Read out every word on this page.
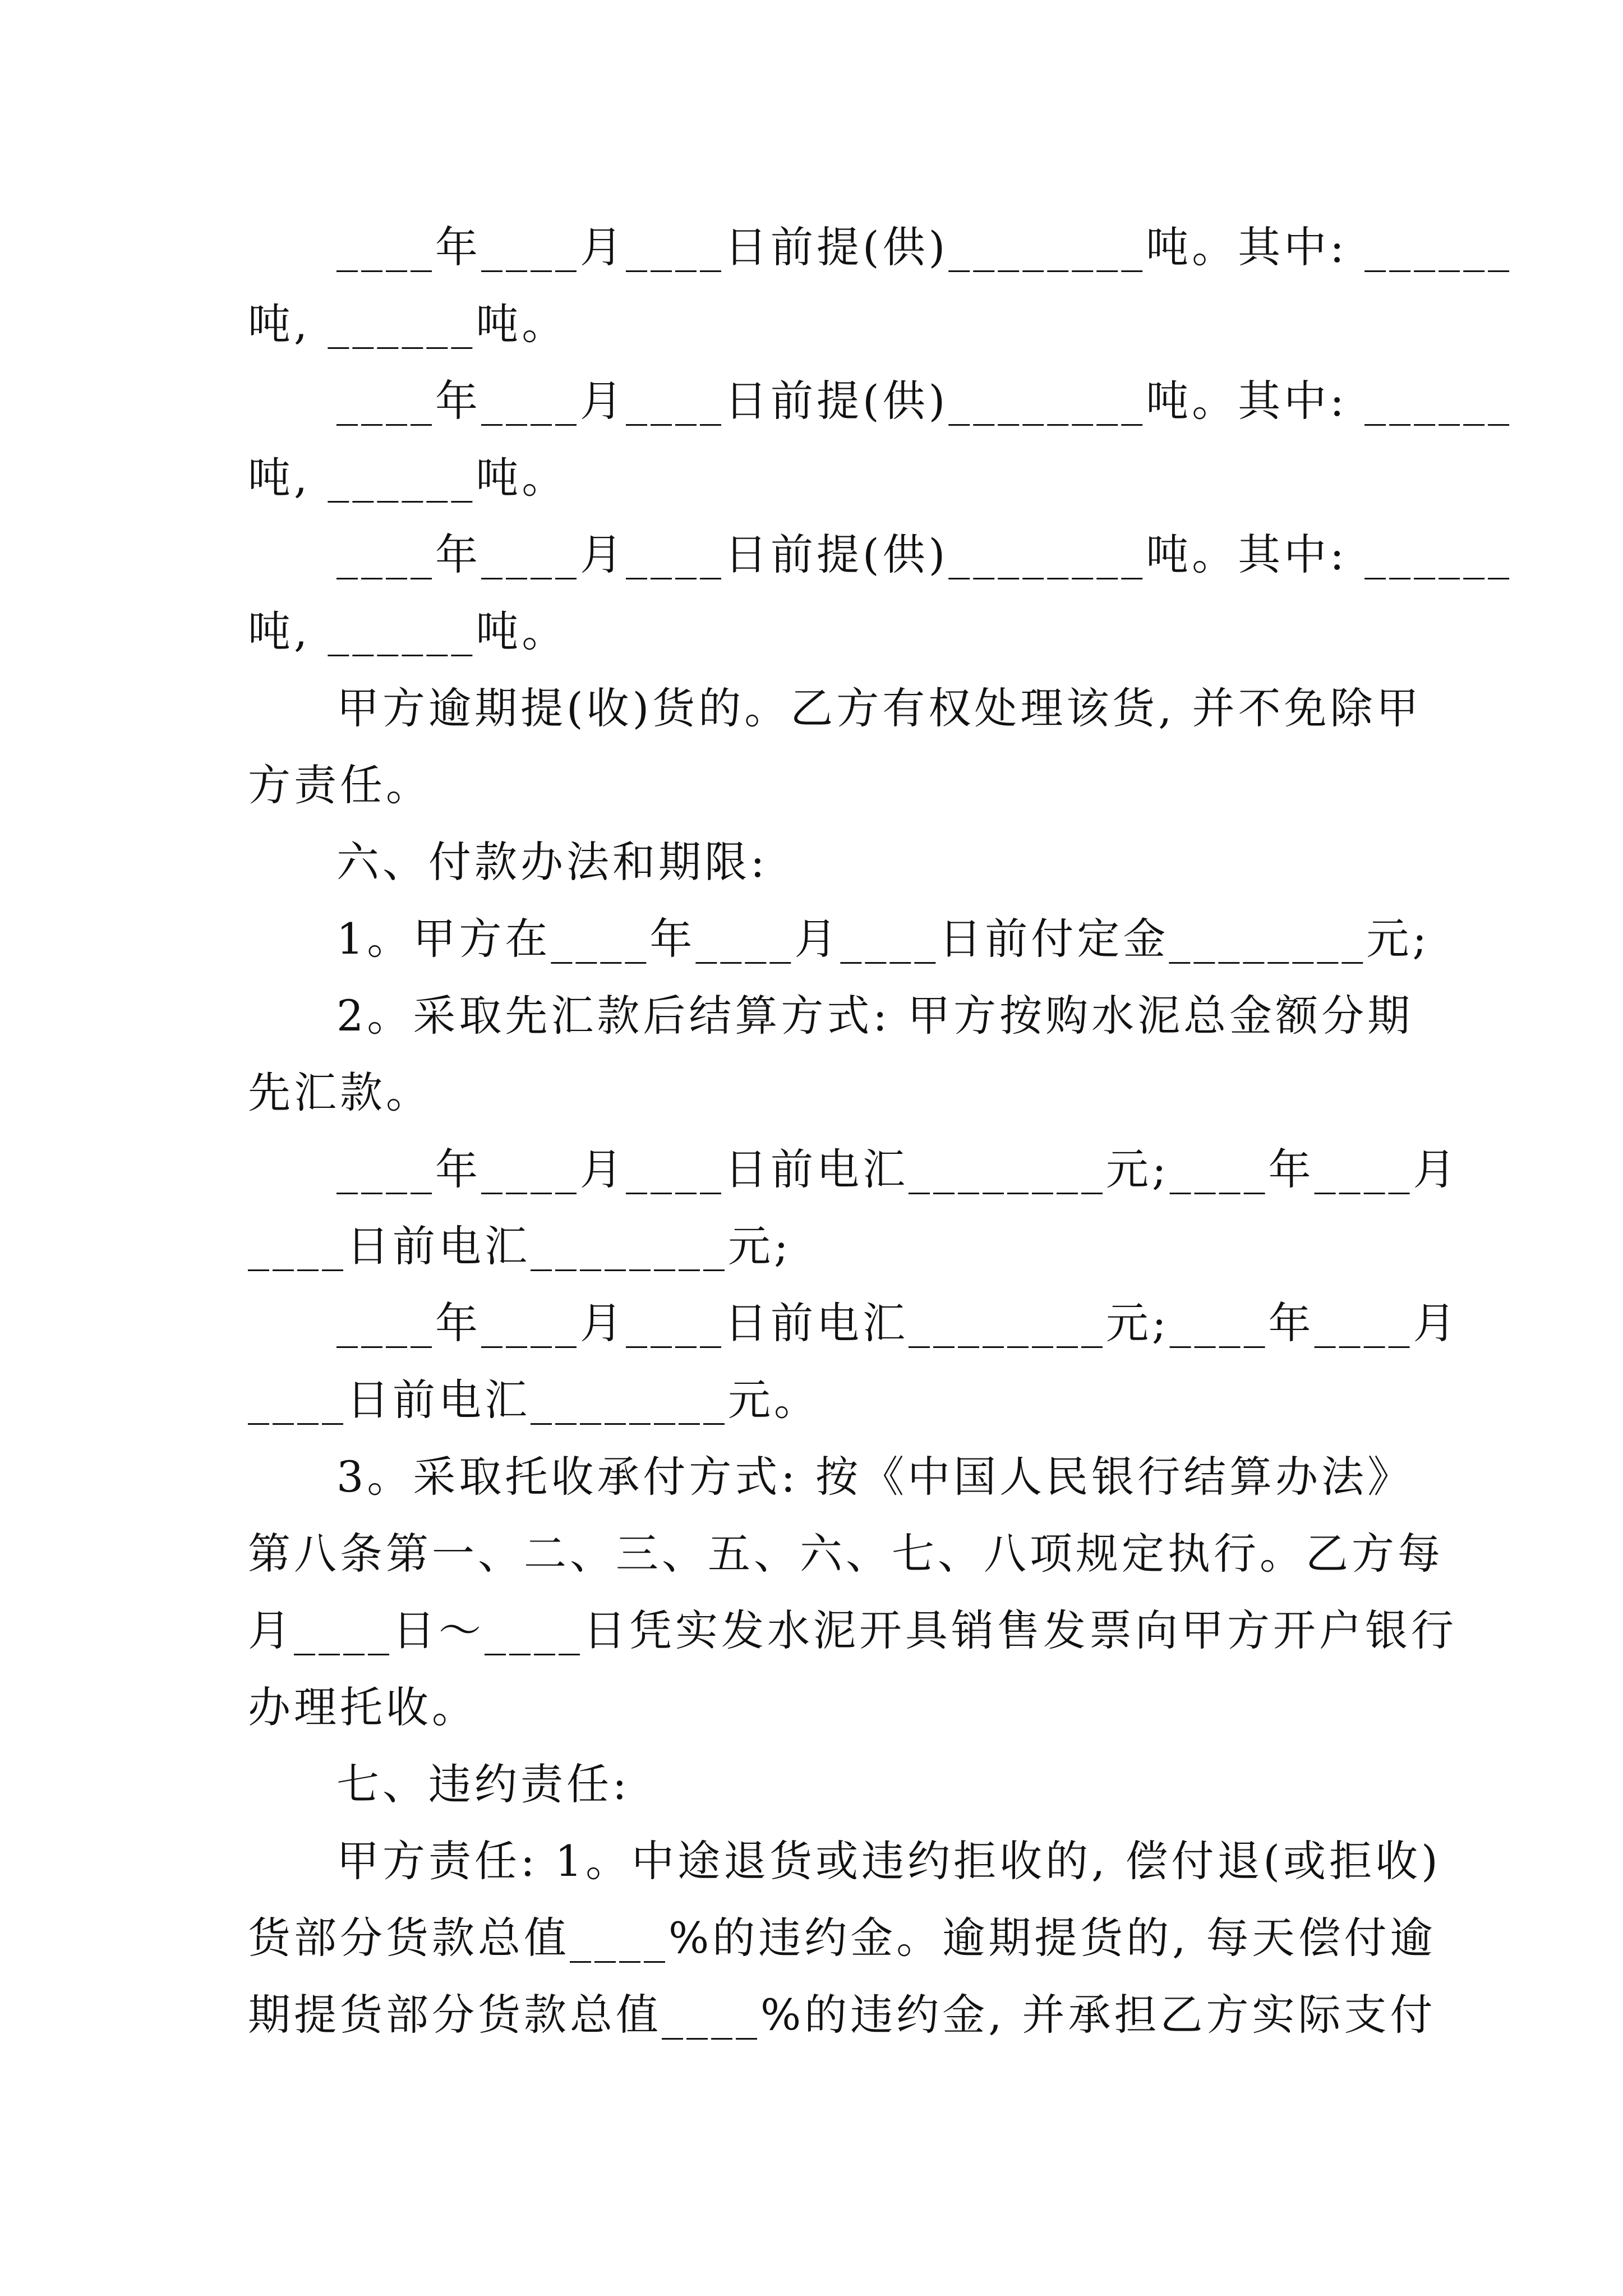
____年____月____日前提(供)________吨。其中: ______
吨, ______吨。
____年____月____日前提(供)________吨。其中: ______
吨, ______吨。
____年____月____日前提(供)________吨。其中: ______
吨, ______吨。
甲方逾期提(收)货的。乙方有权处理该货, 并不免除甲
方责任。
六、付款办法和期限:
1。甲方在____年____月____日前付定金________元;
2。采取先汇款后结算方式: 甲方按购水泥总金额分期
先汇款。
____年____月____日前电汇________元;____年____月
____日前电汇________元;
____年____月____日前电汇________元;____年____月
____日前电汇________元。
3。采取托收承付方式: 按《中国人民银行结算办法》
第八条第一、二、三、五、六、七、八项规定执行。乙方每
月____日～____日凭实发水泥开具销售发票向甲方开户银行
办理托收。
七、违约责任:
甲方责任: 1。中途退货或违约拒收的, 偿付退(或拒收)
货部分货款总值____%的违约金。逾期提货的, 每天偿付逾
期提货部分货款总值____%的违约金, 并承担乙方实际支付
